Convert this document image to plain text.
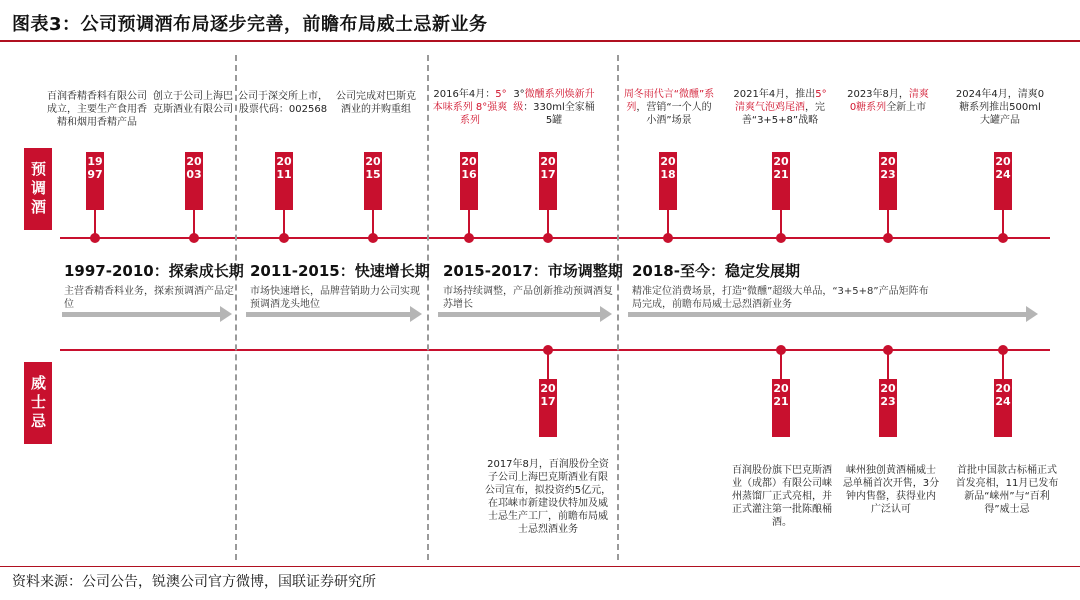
图表3：公司预调酒布局逐步完善，前瞻布局威士忌新业务
预调酒
威士忌
百润香精香料有限公司成立，主要生产食用香精和烟用香精产品
1997
创立于公司上海巴克斯酒业有限公司
2003
公司于深交所上市，股票代码：002568
2011
公司完成对巴斯克酒业的并购重组
2015
2016年4月：5°本味系列 8°强爽系列
2016
3°微醺系列焕新升级：330ml全家桶5罐
2017
周冬雨代言“微醺”系列，营销“一个人的小酒”场景
2018
2021年4月，推出5°清爽气泡鸡尾酒，完善“3+5+8”战略
2021
2023年8月，清爽0糖系列全新上市
2023
2024年4月，清爽0糖系列推出500ml大罐产品
2024
1997-2010：探索成长期
主营香精香料业务，探索预调酒产品定位
2011-2015：快速增长期
市场快速增长，品牌营销助力公司实现预调酒龙头地位
2015-2017：市场调整期
市场持续调整，产品创新推动预调酒复苏增长
2018-至今：稳定发展期
精准定位消费场景，打造“微醺”超级大单品，“3+5+8”产品矩阵布局完成，前瞻布局威士忌烈酒新业务
2017
2017年8月，百润股份全资子公司上海巴克斯酒业有限公司宣布，拟投资约5亿元，在邛崃市新建设伏特加及威士忌生产工厂，前瞻布局威士忌烈酒业务
2021
百润股份旗下巴克斯酒业（成都）有限公司崃州蒸馏厂正式亮相，并正式灌注第一批陈酿桶酒。
2023
崃州独创黄酒桶威士忌单桶首次开售，3分钟内售罄，获得业内广泛认可
2024
首批中国款古标桶正式首发亮相，11月已发布新品“崃州”与“百利得”威士忌
资料来源：公司公告，锐澳公司官方微博，国联证券研究所
